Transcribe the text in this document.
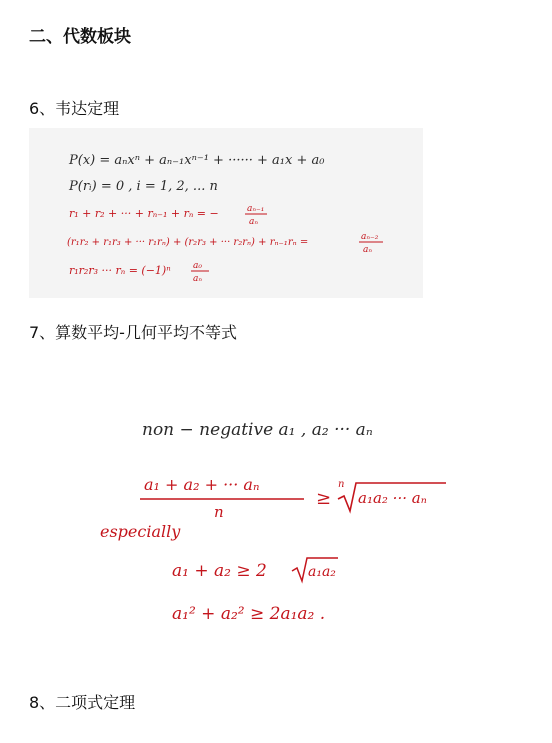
二、代数板块
6、韦达定理
P(x) = aₙxⁿ + aₙ₋₁xⁿ⁻¹ + ······ + a₁x + a₀
P(rᵢ) = 0 , i = 1, 2, ... n
r₁ + r₂ + ··· + rₙ₋₁ + rₙ = −	aₙ₋₁
aₙ
(r₁r₂ + r₁r₃ + ··· r₁rₙ) + (r₂r₃ + ··· r₂rₙ) + rₙ₋₁rₙ =	aₙ₋₂
aₙ
r₁r₂r₃ ··· rₙ = (−1)ⁿ a₀
aₙ
7、算数平均-几何平均不等式
non − negative a₁ , a₂ ··· aₙ
a₁ + a₂ + ··· aₙ
n
≥
n
a₁a₂ ··· aₙ
especially
a₁ + a₂ ≥ 2	a₁a₂
a₁² + a₂² ≥ 2a₁a₂ .
8、二项式定理
